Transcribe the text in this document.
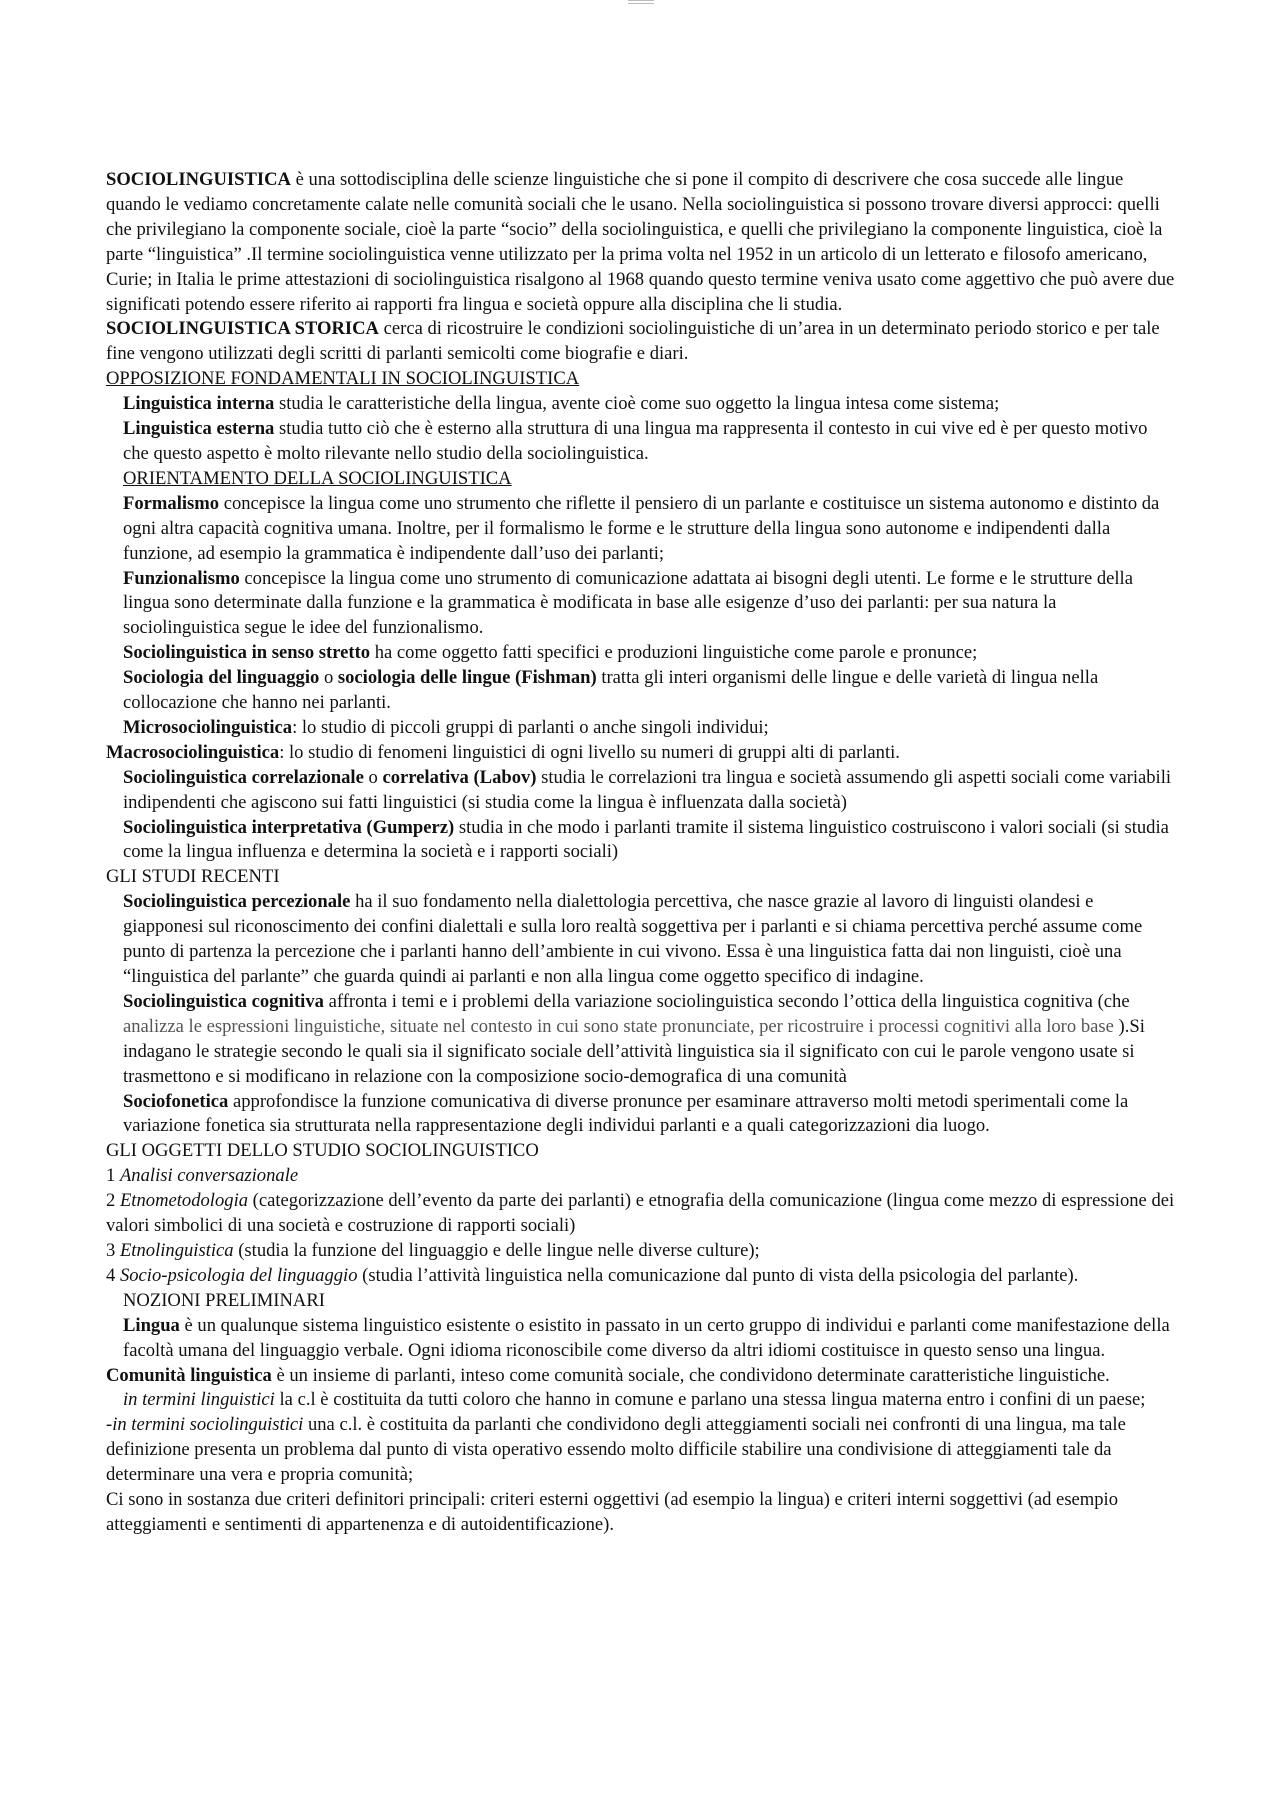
SOCIOLINGUISTICA è una sottodisciplina delle scienze linguistiche che si pone il compito di descrivere che cosa succede alle lingue quando le vediamo concretamente calate nelle comunità sociali che le usano. Nella sociolinguistica si possono trovare diversi approcci: quelli che privilegiano la componente sociale, cioè la parte “socio” della sociolinguistica, e quelli che privilegiano la componente linguistica, cioè la parte “linguistica” .Il termine sociolinguistica venne utilizzato per la prima volta nel 1952 in un articolo di un letterato e filosofo americano, Curie; in Italia le prime attestazioni di sociolinguistica risalgono al 1968 quando questo termine veniva usato come aggettivo che può avere due significati potendo essere riferito ai rapporti fra lingua e società oppure alla disciplina che li studia.

SOCIOLINGUISTICA STORICA cerca di ricostruire le condizioni sociolinguistiche di un’area in un determinato periodo storico e per tale fine vengono utilizzati degli scritti di parlanti semicolti come biografie e diari.

OPPOSIZIONE FONDAMENTALI IN SOCIOLINGUISTICA

Linguistica interna studia le caratteristiche della lingua, avente cioè come suo oggetto la lingua intesa come sistema;

Linguistica esterna studia tutto ciò che è esterno alla struttura di una lingua ma rappresenta il contesto in cui vive ed è per questo motivo che questo aspetto è molto rilevante nello studio della sociolinguistica.

ORIENTAMENTO DELLA SOCIOLINGUISTICA

Formalismo concepisce la lingua come uno strumento che riflette il pensiero di un parlante e costituisce un sistema autonomo e distinto da ogni altra capacità cognitiva umana. Inoltre, per il formalismo le forme e le strutture della lingua sono autonome e indipendenti dalla funzione, ad esempio la grammatica è indipendente dall’uso dei parlanti;

Funzionalismo concepisce la lingua come uno strumento di comunicazione adattata ai bisogni degli utenti. Le forme e le strutture della lingua sono determinate dalla funzione e la grammatica è modificata in base alle esigenze d’uso dei parlanti: per sua natura la sociolinguistica segue le idee del funzionalismo.

Sociolinguistica in senso stretto ha come oggetto fatti specifici e produzioni linguistiche come parole e pronunce;

Sociologia del linguaggio o sociologia delle lingue (Fishman) tratta gli interi organismi delle lingue e delle varietà di lingua nella collocazione che hanno nei parlanti.

Microsociolinguistica: lo studio di piccoli gruppi di parlanti o anche singoli individui;

Macrosociolinguistica: lo studio di fenomeni linguistici di ogni livello su numeri di gruppi alti di parlanti.

Sociolinguistica correlazionale o correlativa (Labov) studia le correlazioni tra lingua e società assumendo gli aspetti sociali come variabili indipendenti che agiscono sui fatti linguistici (si studia come la lingua è influenzata dalla società)

Sociolinguistica interpretativa (Gumperz) studia in che modo i parlanti tramite il sistema linguistico costruiscono i valori sociali (si studia come la lingua influenza e determina la società e i rapporti sociali)

GLI STUDI RECENTI

Sociolinguistica percezionale ha il suo fondamento nella dialettologia percettiva, che nasce grazie al lavoro di linguisti olandesi e giapponesi sul riconoscimento dei confini dialettali e sulla loro realtà soggettiva per i parlanti e si chiama percettiva perché assume come punto di partenza la percezione che i parlanti hanno dell’ambiente in cui vivono. Essa è una linguistica fatta dai non linguisti, cioè una “linguistica del parlante” che guarda quindi ai parlanti e non alla lingua come oggetto specifico di indagine.

Sociolinguistica cognitiva affronta i temi e i problemi della variazione sociolinguistica secondo l’ottica della linguistica cognitiva (che analizza le espressioni linguistiche, situate nel contesto in cui sono state pronunciate, per ricostruire i processi cognitivi alla loro base ).Si indagano le strategie secondo le quali sia il significato sociale dell’attività linguistica sia il significato con cui le parole vengono usate si trasmettono e si modificano in relazione con la composizione socio-demografica di una comunità

Sociofonetica approfondisce la funzione comunicativa di diverse pronunce per esaminare attraverso molti metodi sperimentali come la variazione fonetica sia strutturata nella rappresentazione degli individui parlanti e a quali categorizzazioni dia luogo.

GLI OGGETTI DELLO STUDIO SOCIOLINGUISTICO

1 Analisi conversazionale

2 Etnometodologia (categorizzazione dell’evento da parte dei parlanti) e etnografia della comunicazione (lingua come mezzo di espressione dei valori simbolici di una società e costruzione di rapporti sociali)

3 Etnolinguistica (studia la funzione del linguaggio e delle lingue nelle diverse culture);

4 Socio-psicologia del linguaggio (studia l’attività linguistica nella comunicazione dal punto di vista della psicologia del parlante).

NOZIONI PRELIMINARI

Lingua è un qualunque sistema linguistico esistente o esistito in passato in un certo gruppo di individui e parlanti come manifestazione della facoltà umana del linguaggio verbale. Ogni idioma riconoscibile come diverso da altri idiomi costituisce in questo senso una lingua.

Comunità linguistica è un insieme di parlanti, inteso come comunità sociale, che condividono determinate caratteristiche linguistiche.

in termini linguistici la c.l è costituita da tutti coloro che hanno in comune e parlano una stessa lingua materna entro i confini di un paese;

-in termini sociolinguistici una c.l. è costituita da parlanti che condividono degli atteggiamenti sociali nei confronti di una lingua, ma tale definizione presenta un problema dal punto di vista operativo essendo molto difficile stabilire una condivisione di atteggiamenti tale da determinare una vera e propria comunità;

Ci sono in sostanza due criteri definitori principali: criteri esterni oggettivi (ad esempio la lingua) e criteri interni soggettivi (ad esempio atteggiamenti e sentimenti di appartenenza e di autoidentificazione).
